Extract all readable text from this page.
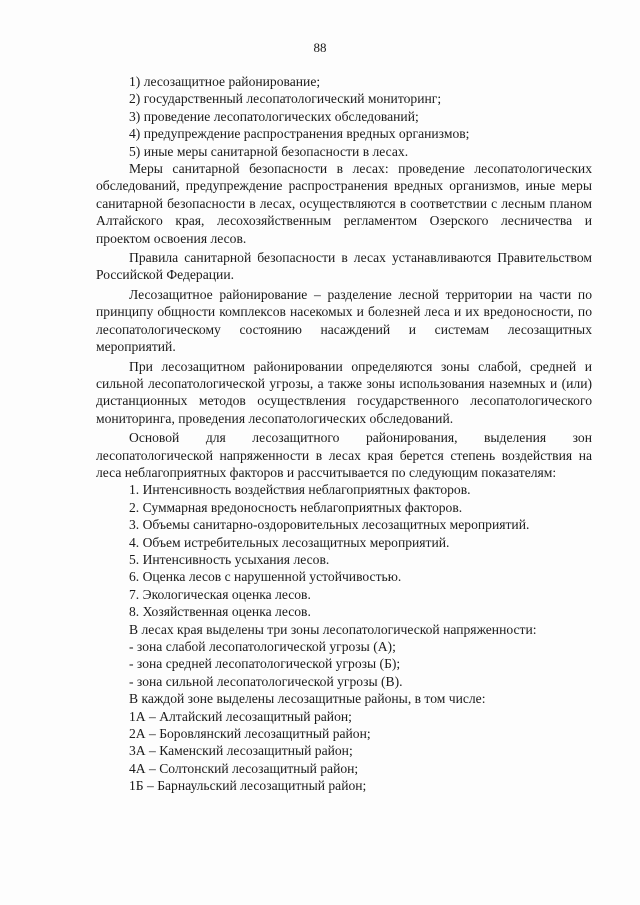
88

1) лесозащитное районирование;

2) государственный лесопатологический мониторинг;

3) проведение лесопатологических обследований;

4) предупреждение распространения вредных организмов;

5) иные меры санитарной безопасности в лесах.

Меры санитарной безопасности в лесах: проведение лесопатологических обследований, предупреждение распространения вредных организмов, иные меры санитарной безопасности в лесах, осуществляются в соответствии с лесным планом Алтайского края, лесохозяйственным регламентом Озерского лесничества и проектом освоения лесов.

Правила санитарной безопасности в лесах устанавливаются Правительством Российской Федерации.

Лесозащитное районирование – разделение лесной территории на части по принципу общности комплексов насекомых и болезней леса и их вредоносности, по лесопатологическому состоянию насаждений и системам лесозащитных мероприятий.

При лесозащитном районировании определяются зоны слабой, средней и сильной лесопатологической угрозы, а также зоны использования наземных и (или) дистанционных методов осуществления государственного лесопатологического мониторинга, проведения лесопатологических обследований.

Основой для лесозащитного районирования, выделения зон лесопатологической напряженности в лесах края берется степень воздействия на леса неблагоприятных факторов и рассчитывается по следующим показателям:

1. Интенсивность воздействия неблагоприятных факторов.

2. Суммарная вредоносность неблагоприятных факторов.

3. Объемы санитарно-оздоровительных лесозащитных мероприятий.

4. Объем истребительных лесозащитных мероприятий.

5. Интенсивность усыхания лесов.

6. Оценка лесов с нарушенной устойчивостью.

7. Экологическая оценка лесов.

8. Хозяйственная оценка лесов.

В лесах края выделены три зоны лесопатологической напряженности:

- зона слабой лесопатологической угрозы (А);

- зона средней лесопатологической угрозы (Б);

- зона сильной лесопатологической угрозы (В).

В каждой зоне выделены лесозащитные районы, в том числе:

1А – Алтайский лесозащитный район;

2А – Боровлянский лесозащитный район;

3А – Каменский лесозащитный район;

4А – Солтонский лесозащитный район;

1Б – Барнаульский лесозащитный район;
